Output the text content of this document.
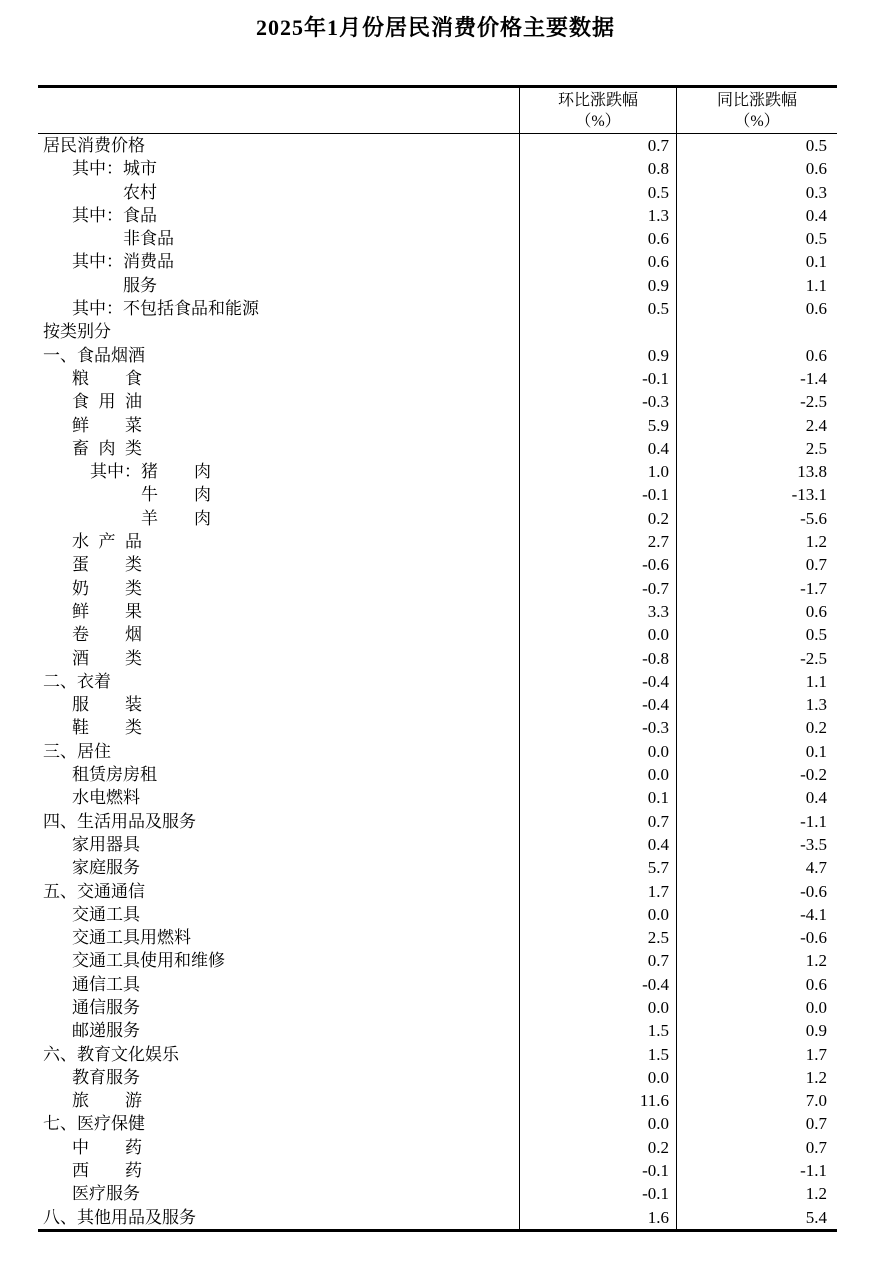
2025年1月份居民消费价格主要数据
环比涨跌幅
（%）
同比涨跌幅
（%）
居民消费价格	0.7	0.5
其中：城市	0.8	0.6
农村	0.5	0.3
其中：食品	1.3	0.4
非食品	0.6	0.5
其中：消费品	0.6	0.1
服务	0.9	1.1
其中：不包括食品和能源	0.5	0.6
按类别分
一、食品烟酒	0.9	0.6
粮食	-0.1	-1.4
食用油	-0.3	-2.5
鲜菜	5.9	2.4
畜肉类	0.4	2.5
其中：猪肉	1.0	13.8
牛肉	-0.1	-13.1
羊肉	0.2	-5.6
水产品	2.7	1.2
蛋类	-0.6	0.7
奶类	-0.7	-1.7
鲜果	3.3	0.6
卷烟	0.0	0.5
酒类	-0.8	-2.5
二、衣着	-0.4	1.1
服装	-0.4	1.3
鞋类	-0.3	0.2
三、居住	0.0	0.1
租赁房房租	0.0	-0.2
水电燃料	0.1	0.4
四、生活用品及服务	0.7	-1.1
家用器具	0.4	-3.5
家庭服务	5.7	4.7
五、交通通信	1.7	-0.6
交通工具	0.0	-4.1
交通工具用燃料	2.5	-0.6
交通工具使用和维修	0.7	1.2
通信工具	-0.4	0.6
通信服务	0.0	0.0
邮递服务	1.5	0.9
六、教育文化娱乐	1.5	1.7
教育服务	0.0	1.2
旅游	11.6	7.0
七、医疗保健	0.0	0.7
中药	0.2	0.7
西药	-0.1	-1.1
医疗服务	-0.1	1.2
八、其他用品及服务	1.6	5.4
